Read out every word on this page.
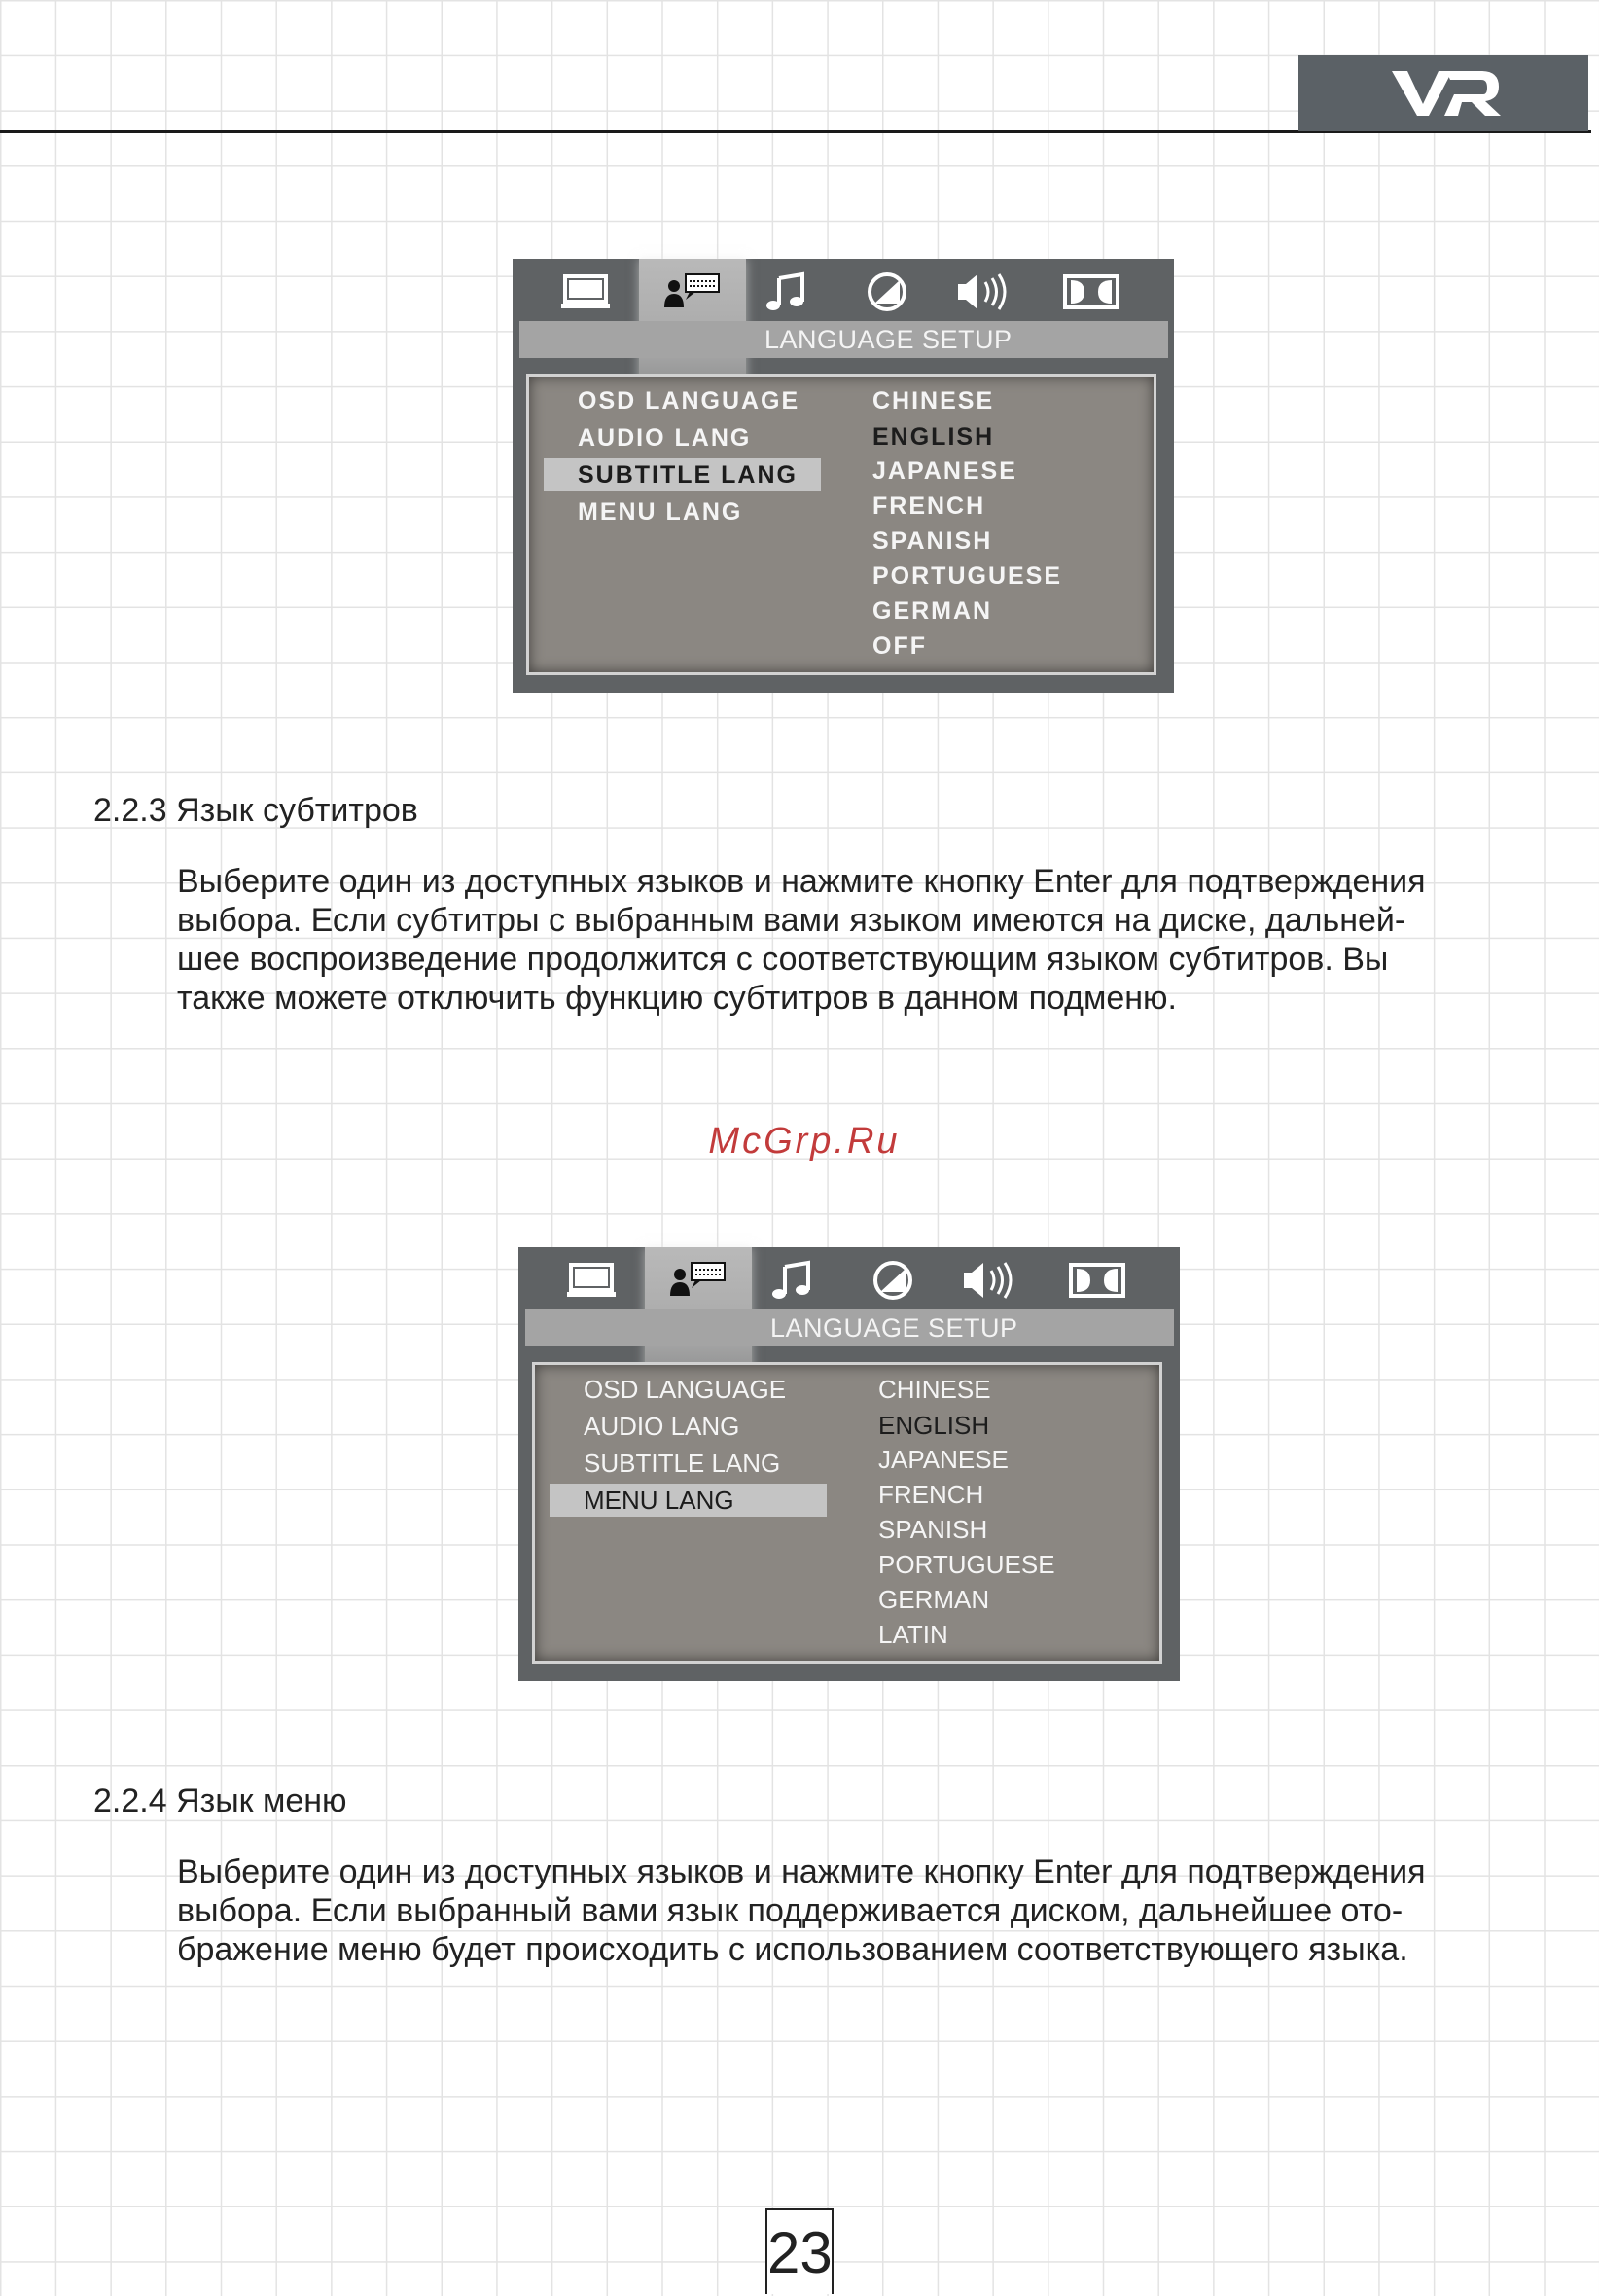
LANGUAGE SETUP
OSD LANGUAGE
AUDIO LANG
SUBTITLE LANG
MENU LANG
CHINESE
ENGLISH
JAPANESE
FRENCH
SPANISH
PORTUGUESE
GERMAN
OFF
2.2.3 Язык субтитров
Выберите один из доступных языков и нажмите кнопку Enter для подтверждения
выбора. Если субтитры с выбранным вами языком имеются на диске, дальней-
шее воспроизведение продолжится с соответствующим языком субтитров. Вы
также можете отключить функцию субтитров в данном подменю.
McGrp.Ru
LANGUAGE SETUP
OSD LANGUAGE
AUDIO LANG
SUBTITLE LANG
MENU LANG
CHINESE
ENGLISH
JAPANESE
FRENCH
SPANISH
PORTUGUESE
GERMAN
LATIN
2.2.4 Язык меню
Выберите один из доступных языков и нажмите кнопку Enter для подтверждения
выбора. Если выбранный вами язык поддерживается диском, дальнейшее ото-
бражение меню будет происходить с использованием соответствующего языка.
23
